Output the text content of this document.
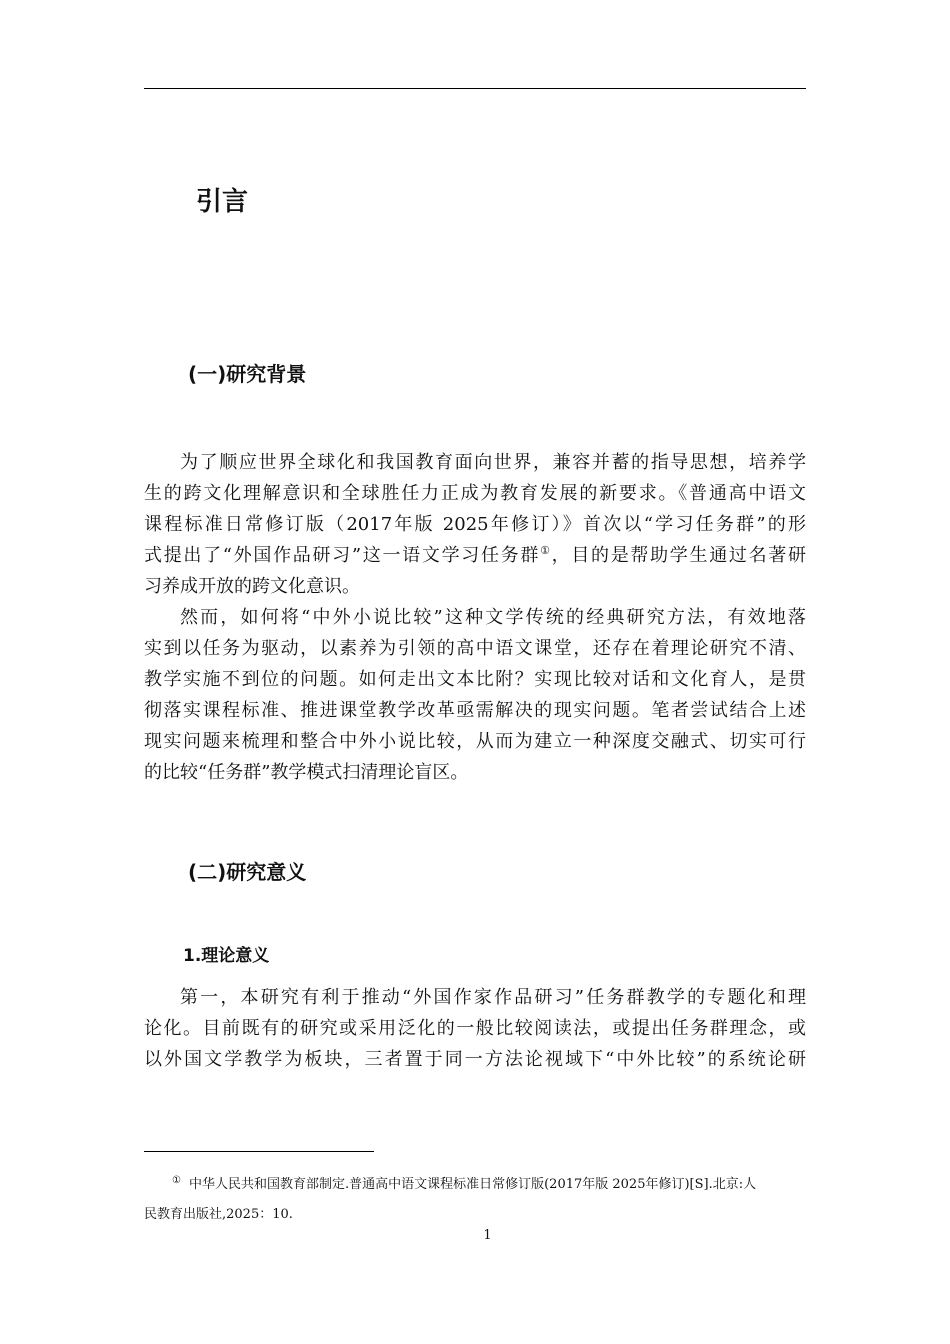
引言
(一)研究背景
为了顺应世界全球化和我国教育面向世界，兼容并蓄的指导思想，培养学
生的跨文化理解意识和全球胜任力正成为教育发展的新要求。《普通高中语文
课程标准日常修订版（2017年版 2025年修订）》首次以“学习任务群”的形
式提出了“外国作品研习”这一语文学习任务群①，目的是帮助学生通过名著研
习养成开放的跨文化意识。
然而，如何将“中外小说比较”这种文学传统的经典研究方法，有效地落
实到以任务为驱动，以素养为引领的高中语文课堂，还存在着理论研究不清、
教学实施不到位的问题。如何走出文本比附？实现比较对话和文化育人，是贯
彻落实课程标准、推进课堂教学改革亟需解决的现实问题。笔者尝试结合上述
现实问题来梳理和整合中外小说比较，从而为建立一种深度交融式、切实可行
的比较“任务群”教学模式扫清理论盲区。
(二)研究意义
1.理论意义
第一，本研究有利于推动“外国作家作品研习”任务群教学的专题化和理
论化。目前既有的研究或采用泛化的一般比较阅读法，或提出任务群理念，或
以外国文学教学为板块，三者置于同一方法论视域下“中外比较”的系统论研
① 中华人民共和国教育部制定.普通高中语文课程标准日常修订版(2017年版 2025年修订)[S].北京:人
民教育出版社,2025：10.
1
